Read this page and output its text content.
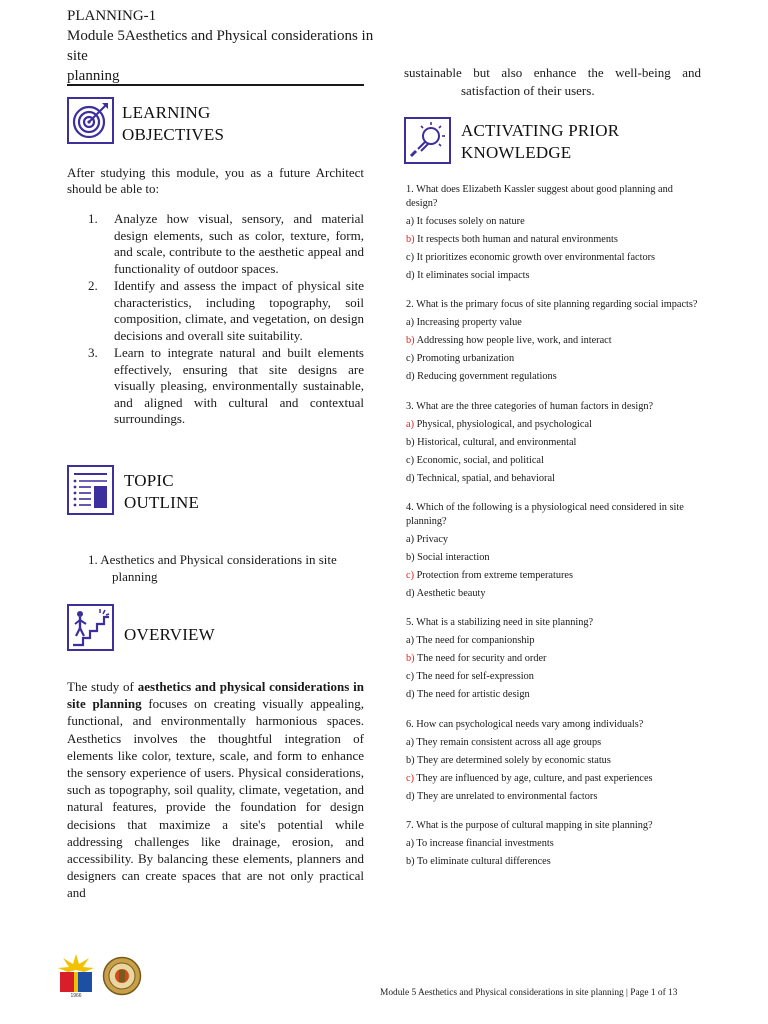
PLANNING-1
Module 5Aesthetics and Physical considerations in site
planning
LEARNING
OBJECTIVES
After studying this module, you as a future Architect should be able to:
1. Analyze how visual, sensory, and material design elements, such as color, texture, form, and scale, contribute to the aesthetic appeal and functionality of outdoor spaces.
2. Identify and assess the impact of physical site characteristics, including topography, soil composition, climate, and vegetation, on design decisions and overall site suitability.
3. Learn to integrate natural and built elements effectively, ensuring that site designs are visually pleasing, environmentally sustainable, and aligned with cultural and contextual surroundings.
TOPIC
OUTLINE
1. Aesthetics and Physical considerations in site
planning
OVERVIEW
The study of aesthetics and physical considerations in site planning focuses on creating visually appealing, functional, and environmentally harmonious spaces. Aesthetics involves the thoughtful integration of elements like color, texture, scale, and form to enhance the sensory experience of users. Physical considerations, such as topography, soil quality, climate, vegetation, and natural features, provide the foundation for design decisions that maximize a site's potential while addressing challenges like drainage, erosion, and accessibility. By balancing these elements, planners and designers can create spaces that are not only practical and
sustainable but also enhance the well-being and
satisfaction of their users.
ACTIVATING PRIOR
KNOWLEDGE
1. What does Elizabeth Kassler suggest about good planning and design?
a) It focuses solely on nature
b) It respects both human and natural environments
c) It prioritizes economic growth over environmental factors
d) It eliminates social impacts
2. What is the primary focus of site planning regarding social impacts?
a) Increasing property value
b) Addressing how people live, work, and interact
c) Promoting urbanization
d) Reducing government regulations
3. What are the three categories of human factors in design?
a) Physical, physiological, and psychological
b) Historical, cultural, and environmental
c) Economic, social, and political
d) Technical, spatial, and behavioral
4. Which of the following is a physiological need considered in site planning?
a) Privacy
b) Social interaction
c) Protection from extreme temperatures
d) Aesthetic beauty
5. What is a stabilizing need in site planning?
a) The need for companionship
b) The need for security and order
c) The need for self-expression
d) The need for artistic design
6. How can psychological needs vary among individuals?
a) They remain consistent across all age groups
b) They are determined solely by economic status
c) They are influenced by age, culture, and past experiences
d) They are unrelated to environmental factors
7. What is the purpose of cultural mapping in site planning?
a) To increase financial investments
b) To eliminate cultural differences
1966	Module 5 Aesthetics and Physical considerations in site planning | Page 1 of 13
